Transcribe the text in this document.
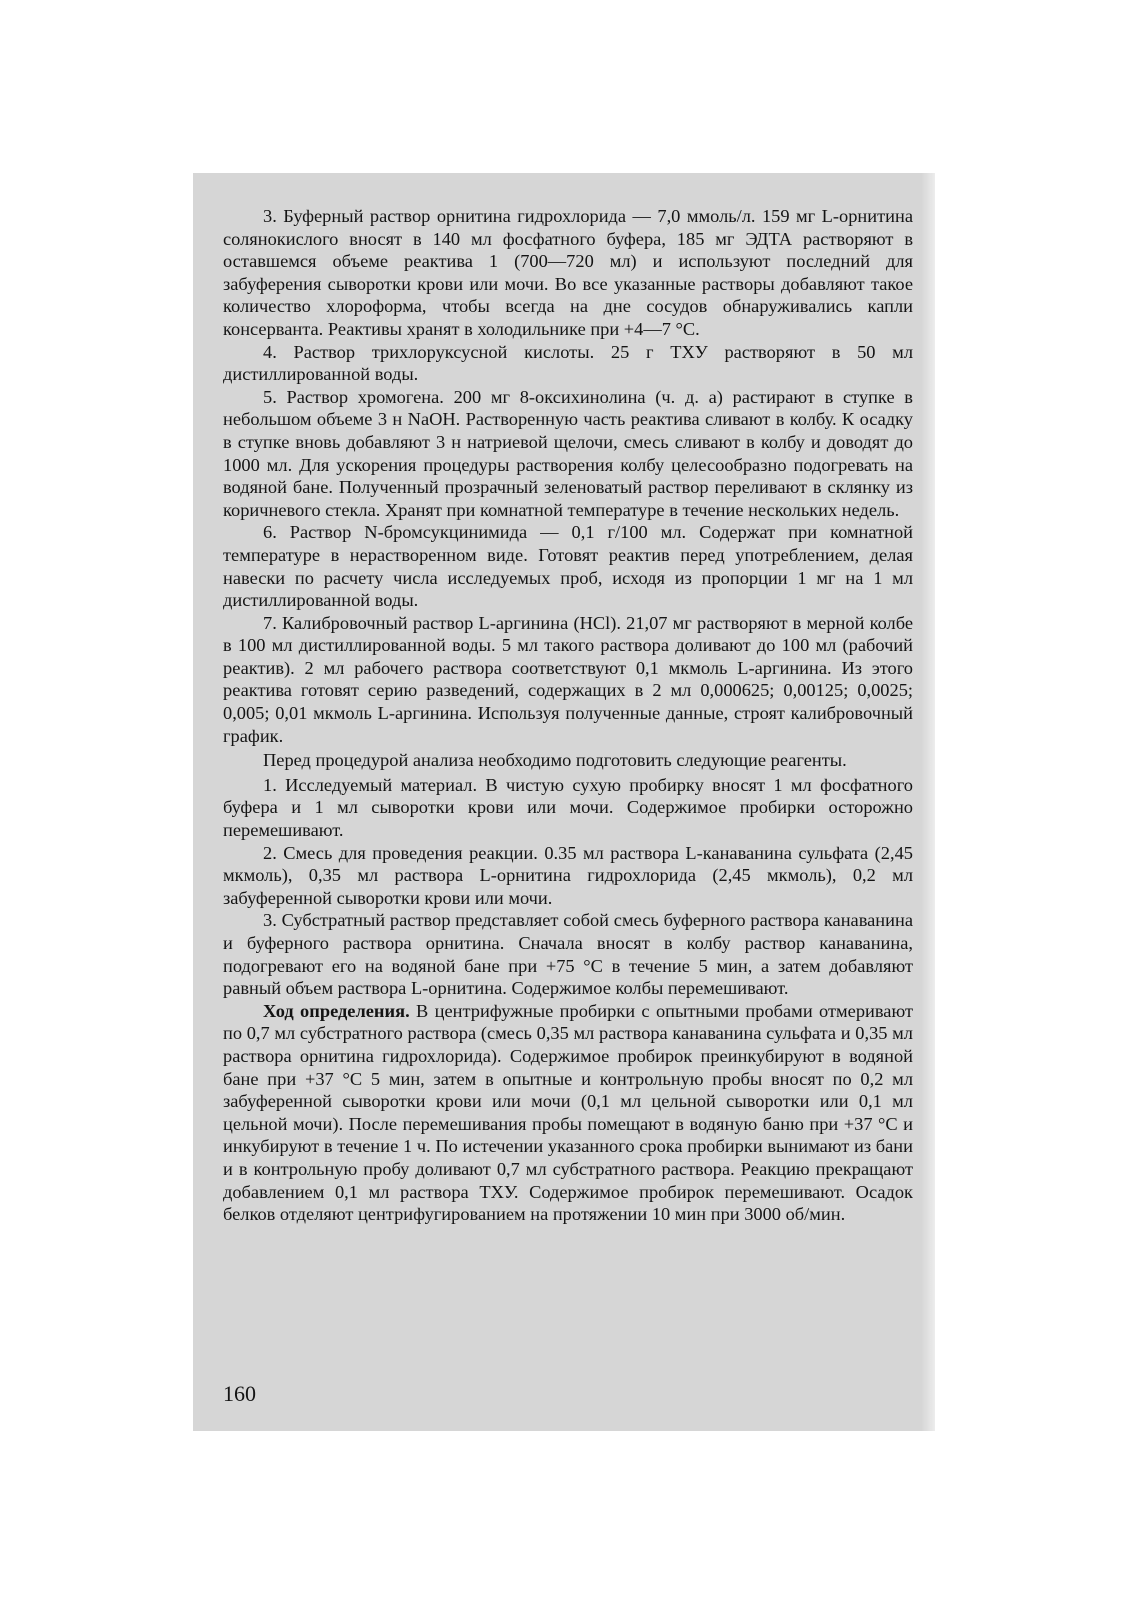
3. Буферный раствор орнитина гидрохлорида — 7,0 ммоль/л. 159 мг L-орнитина солянокислого вносят в 140 мл фосфатного буфера, 185 мг ЭДТА растворяют в оставшемся объеме реактива 1 (700—720 мл) и используют последний для забуферения сыворотки крови или мочи. Во все указанные растворы добавляют такое количество хлороформа, чтобы всегда на дне сосудов обнаруживались капли консерванта. Реактивы хранят в холодильнике при +4—7 °С.

4. Раствор трихлоруксусной кислоты. 25 г ТХУ растворяют в 50 мл дистиллированной воды.

5. Раствор хромогена. 200 мг 8-оксихинолина (ч. д. а) растирают в ступке в небольшом объеме 3 н NaOH. Растворенную часть реактива сливают в колбу. К осадку в ступке вновь добавляют 3 н натриевой щелочи, смесь сливают в колбу и доводят до 1000 мл. Для ускорения процедуры растворения колбу целесообразно подогревать на водяной бане. Полученный прозрачный зеленоватый раствор переливают в склянку из коричневого стекла. Хранят при комнатной температуре в течение нескольких недель.

6. Раствор N-бромсукцинимида — 0,1 г/100 мл. Содержат при комнатной температуре в нерастворенном виде. Готовят реактив перед употреблением, делая навески по расчету числа исследуемых проб, исходя из пропорции 1 мг на 1 мл дистиллированной воды.

7. Калибровочный раствор L-аргинина (HCl). 21,07 мг растворяют в мерной колбе в 100 мл дистиллированной воды. 5 мл такого раствора доливают до 100 мл (рабочий реактив). 2 мл рабочего раствора соответствуют 0,1 мкмоль L-аргинина. Из этого реактива готовят серию разведений, содержащих в 2 мл 0,000625; 0,00125; 0,0025; 0,005; 0,01 мкмоль L-аргинина. Используя полученные данные, строят калибровочный график.

Перед процедурой анализа необходимо подготовить следующие реагенты.

1. Исследуемый материал. В чистую сухую пробирку вносят 1 мл фосфатного буфера и 1 мл сыворотки крови или мочи. Содержимое пробирки осторожно перемешивают.

2. Смесь для проведения реакции. 0.35 мл раствора L-канаванина сульфата (2,45 мкмоль), 0,35 мл раствора L-орнитина гидрохлорида (2,45 мкмоль), 0,2 мл забуференной сыворотки крови или мочи.

3. Субстратный раствор представляет собой смесь буферного раствора канаванина и буферного раствора орнитина. Сначала вносят в колбу раствор канаванина, подогревают его на водяной бане при +75 °С в течение 5 мин, а затем добавляют равный объем раствора L-орнитина. Содержимое колбы перемешивают.

Ход определения. В центрифужные пробирки с опытными пробами отмеривают по 0,7 мл субстратного раствора (смесь 0,35 мл раствора канаванина сульфата и 0,35 мл раствора орнитина гидрохлорида). Содержимое пробирок преинкубируют в водяной бане при +37 °С 5 мин, затем в опытные и контрольную пробы вносят по 0,2 мл забуференной сыворотки крови или мочи (0,1 мл цельной сыворотки или 0,1 мл цельной мочи). После перемешивания пробы помещают в водяную баню при +37 °С и инкубируют в течение 1 ч. По истечении указанного срока пробирки вынимают из бани и в контрольную пробу доливают 0,7 мл субстратного раствора. Реакцию прекращают добавлением 0,1 мл раствора ТХУ. Содержимое пробирок перемешивают. Осадок белков отделяют центрифугированием на протяжении 10 мин при 3000 об/мин.

160
